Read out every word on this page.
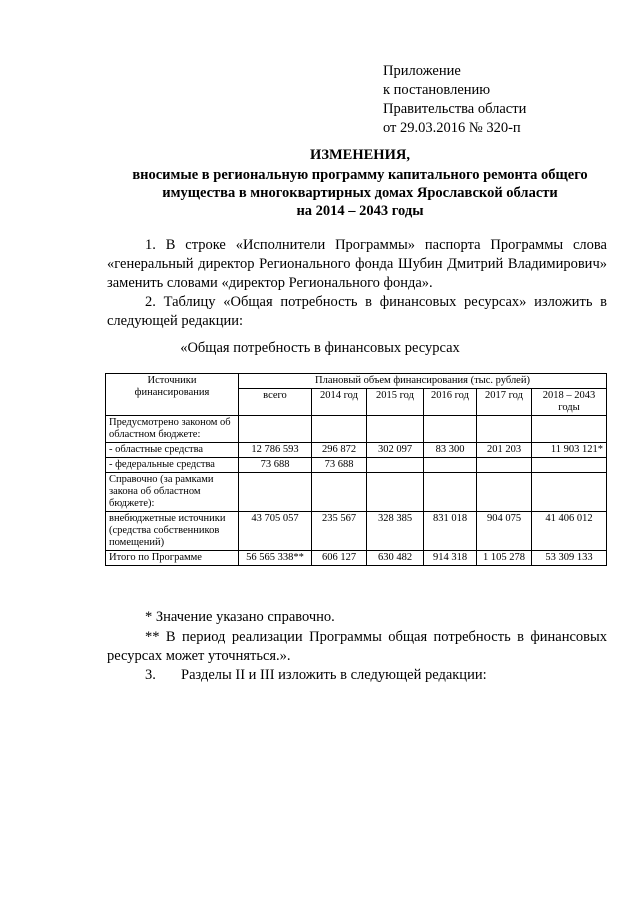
Приложение
к постановлению
Правительства области
от 29.03.2016 № 320-п
ИЗМЕНЕНИЯ,
вносимые в региональную программу капитального ремонта общего
имущества в многоквартирных домах Ярославской области
на 2014 – 2043 годы
1. В строке «Исполнители Программы» паспорта Программы слова «генеральный директор Регионального фонда Шубин Дмитрий Владимирович» заменить словами «директор Регионального фонда».
2. Таблицу «Общая потребность в финансовых ресурсах» изложить в следующей редакции:
«Общая потребность в финансовых ресурсах
Источники финансирования	Плановый объем финансирования (тыс. рублей)					
	всего	2014 год	2015 год	2016 год	2017 год	2018 – 2043 годы
Предусмотрено законом об областном бюджете:						
- областные средства	12 786 593	296 872	302 097	83 300	201 203	11 903 121*
- федеральные средства	73 688	73 688				
Справочно (за рамками закона об областном бюджете):						
внебюджетные источники (средства собственников помещений)	43 705 057	235 567	328 385	831 018	904 075	41 406 012
Итого по Программе	56 565 338**	606 127	630 482	914 318	1 105 278	53 309 133
* Значение указано справочно.
** В период реализации Программы общая потребность в финансовых ресурсах может уточняться.».
3. Разделы II и III изложить в следующей редакции:
